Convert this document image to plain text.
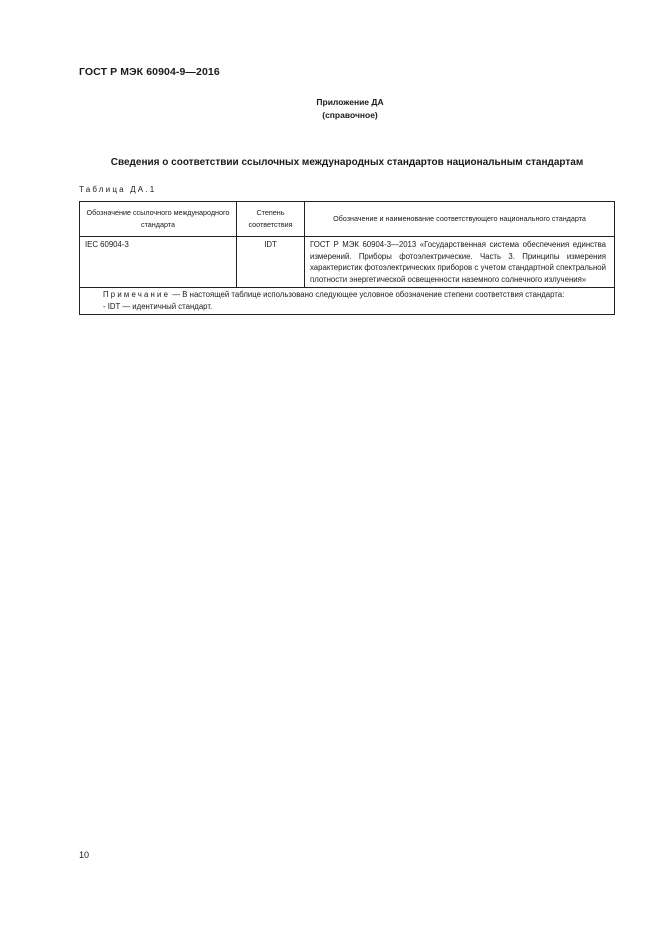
ГОСТ Р МЭК 60904-9—2016
Приложение ДА
(справочное)
Сведения о соответствии ссылочных международных стандартов национальным стандартам
Таблица ДА.1
Обозначение ссылочного международного стандарта	Степень соответствия	Обозначение и наименование соответствующего национального стандарта
IEC 60904-3	IDT	ГОСТ Р МЭК 60904-3—2013 «Государственная система обеспечения единства измерений. Приборы фотоэлектрические. Часть 3. Принципы измерения характеристик фотоэлектрических приборов с учетом стандартной спектральной плотности энергетической освещенности наземного солнечного излучения»

Примечание — В настоящей таблице использовано следующее условное обозначение степени соответствия стандарта:
- IDT — идентичный стандарт.		
10
